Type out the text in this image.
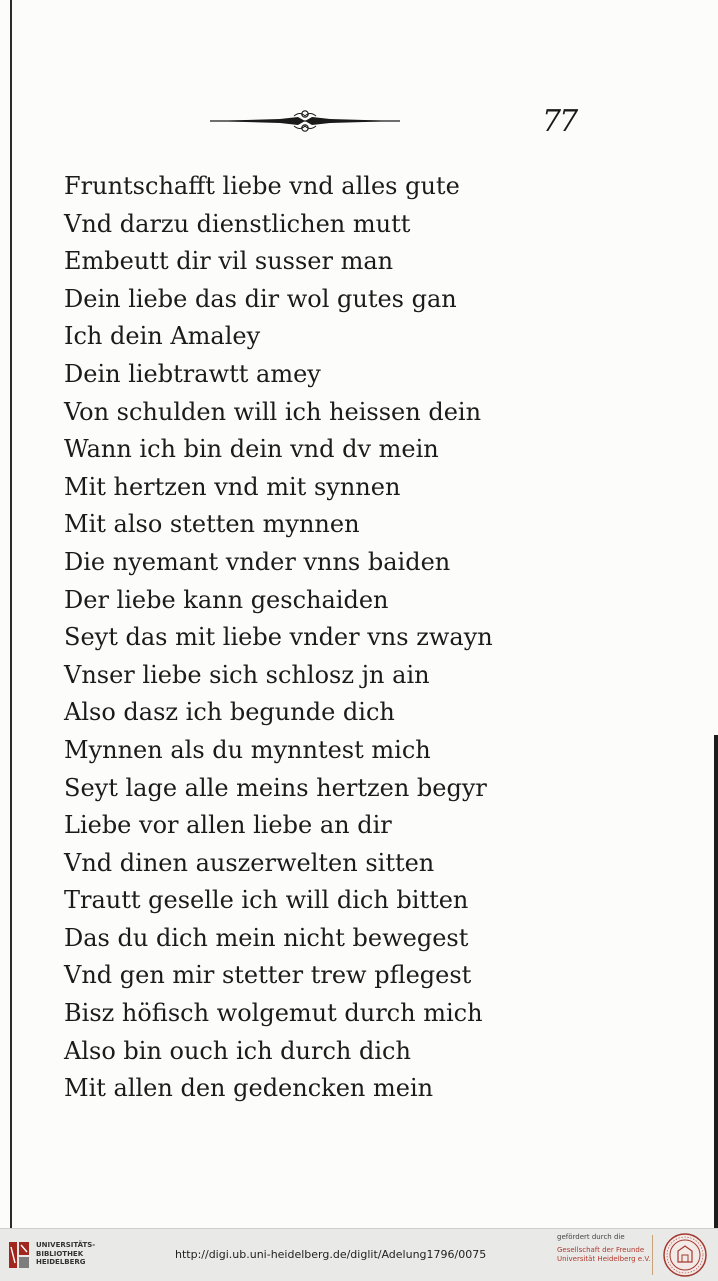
77
Fruntschafft liebe vnd alles gute
Vnd darzu dienstlichen mutt
Embeutt dir vil susser man
Dein liebe das dir wol gutes gan
Ich dein Amaley
Dein liebtrawtt amey
Von schulden will ich heissen dein
Wann ich bin dein vnd dv mein
Mit hertzen vnd mit synnen
Mit also stetten mynnen
Die nyemant vnder vnns baiden
Der liebe kann geschaiden
Seyt das mit liebe vnder vns zwayn
Vnser liebe sich schlosz jn ain
Also dasz ich begunde dich
Mynnen als du mynntest mich
Seyt lage alle meins hertzen begyr
Liebe vor allen liebe an dir
Vnd dinen auszerwelten sitten
Trautt geselle ich will dich bitten
Das du dich mein nicht bewegest
Vnd gen mir stetter trew pflegest
Bisz höfisch wolgemut durch mich
Also bin ouch ich durch dich
Mit allen den gedencken mein
UNIVERSITÄTS-
BIBLIOTHEK
HEIDELBERG
http://digi.ub.uni-heidelberg.de/diglit/Adelung1796/0075
gefördert durch die
Gesellschaft der Freunde
Universität Heidelberg e.V.
